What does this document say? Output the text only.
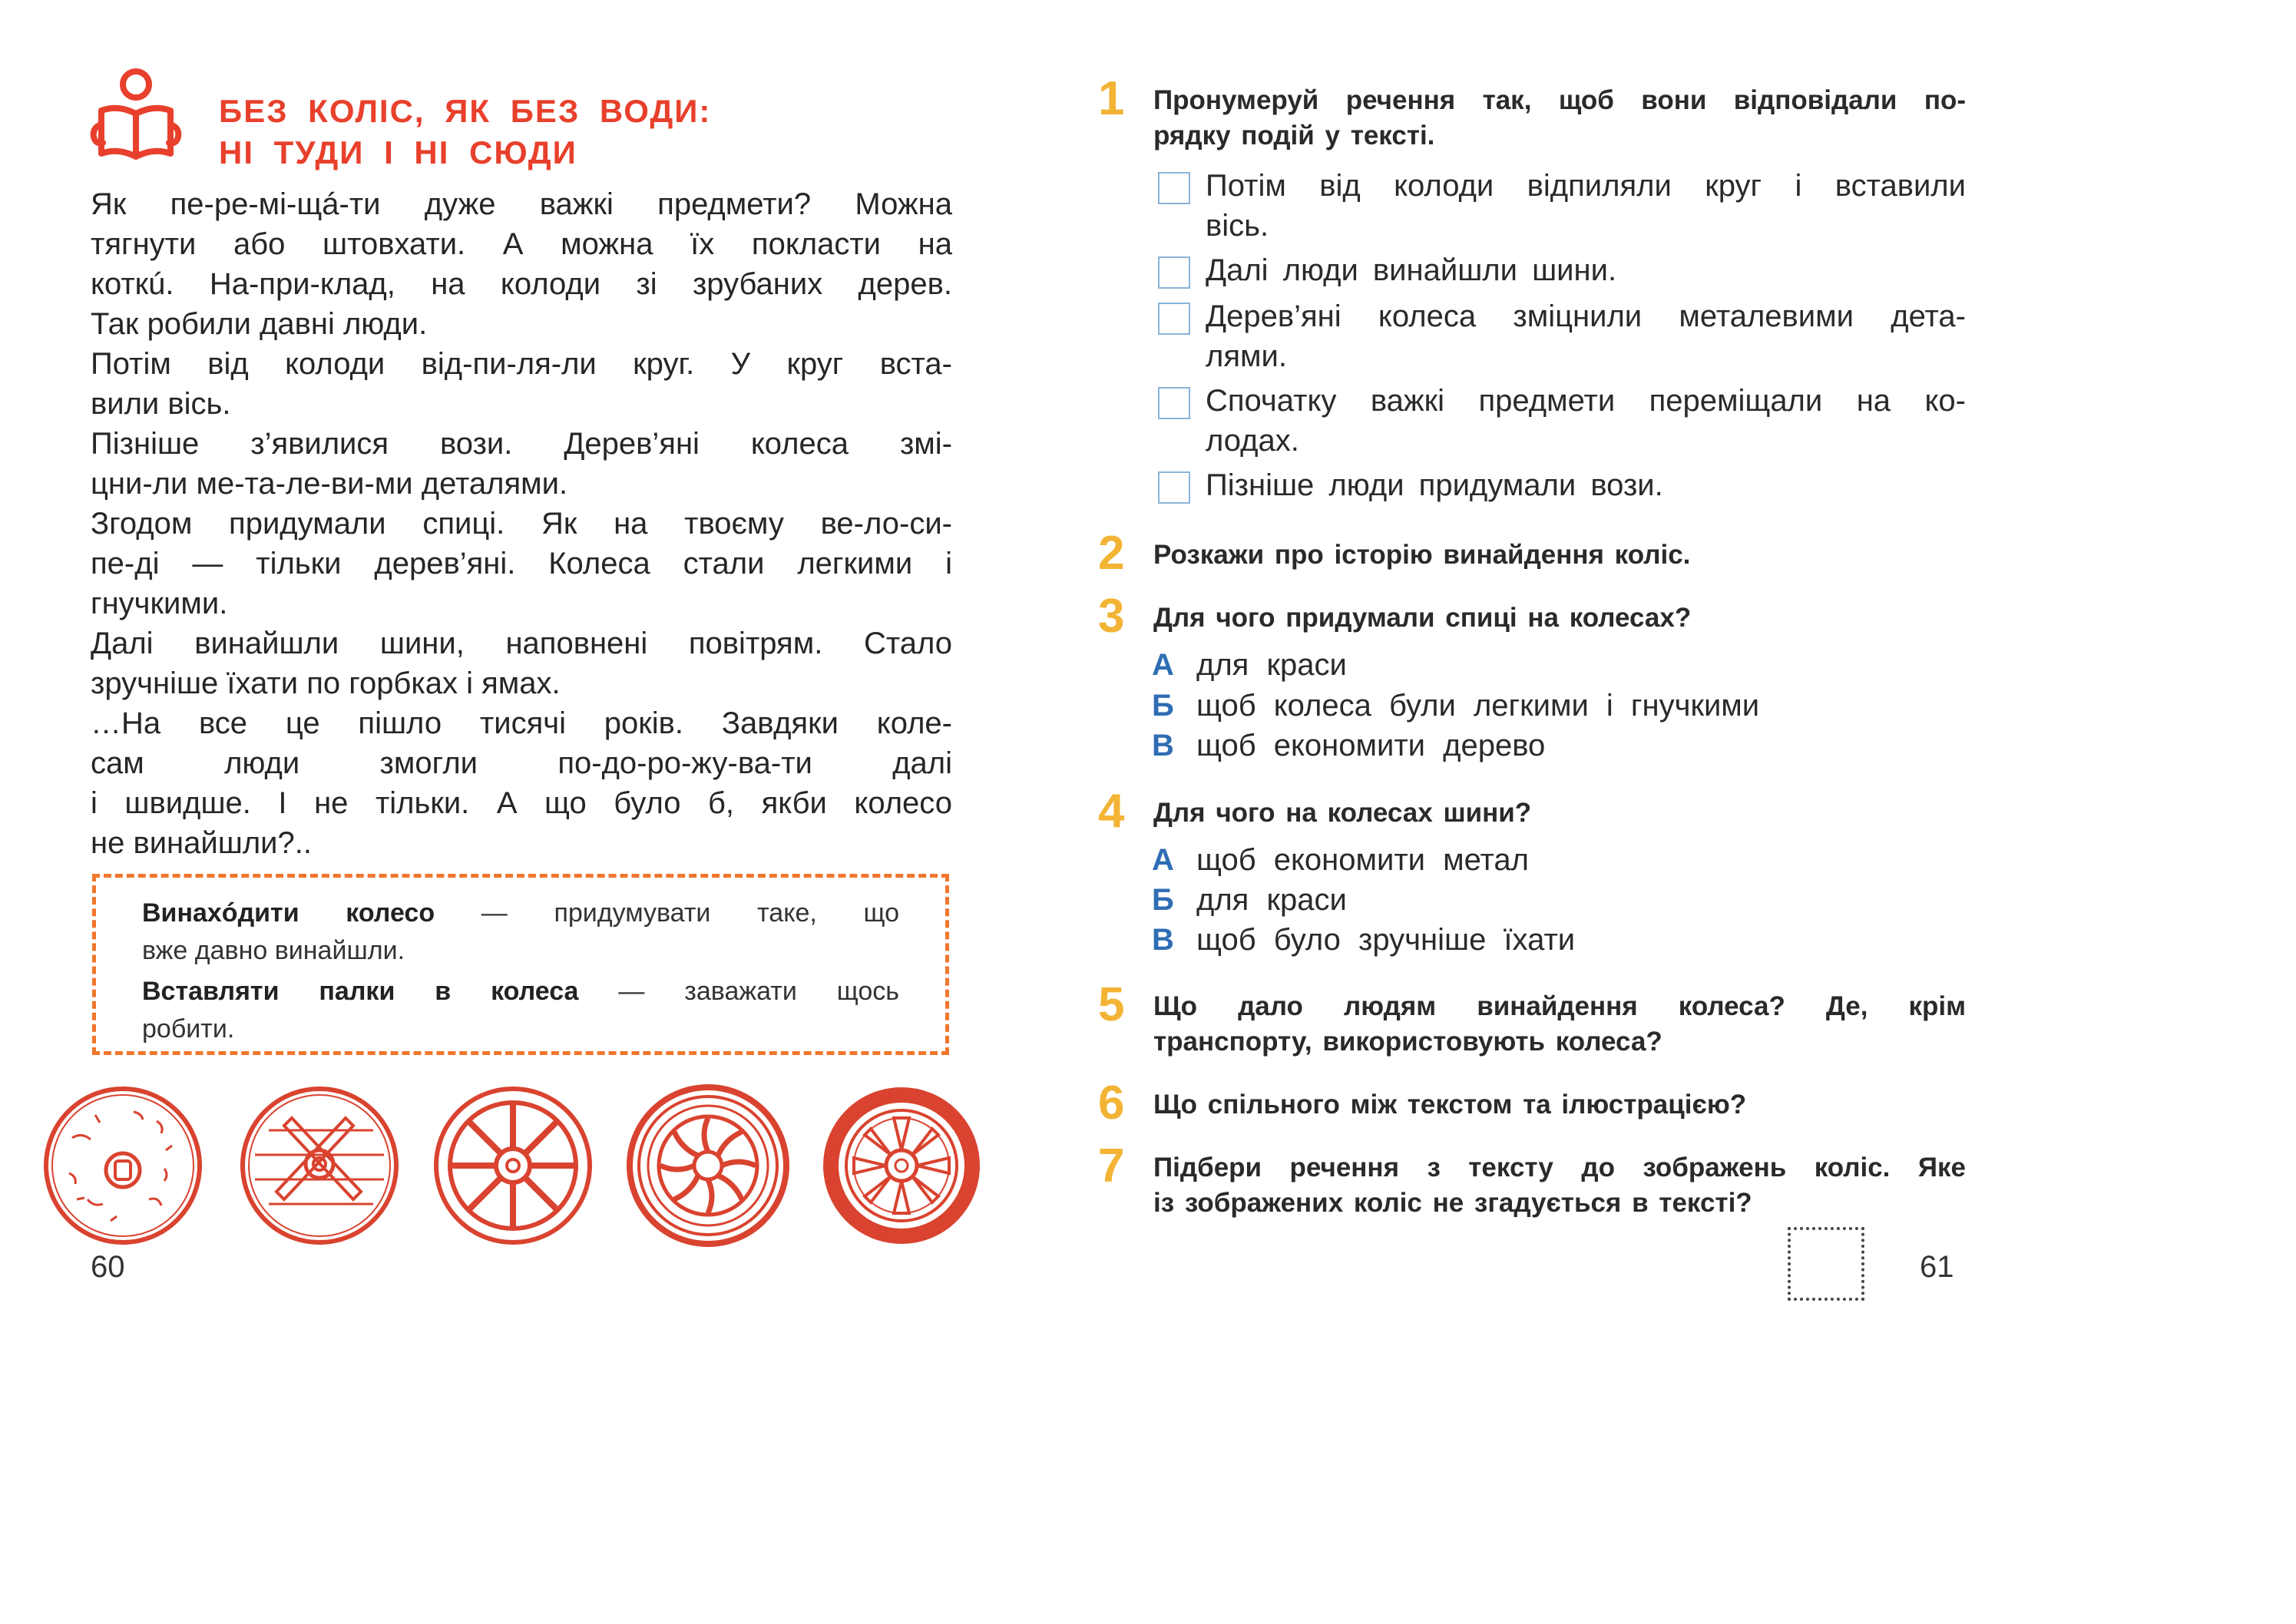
БЕЗ КОЛІС, ЯК БЕЗ ВОДИ:
НІ ТУДИ І НІ СЮДИ

Як пе-ре-мі-щá-ти дуже важкі предмети? Можна

тягнути або штовхати. А можна їх покласти на

коткú. На-при-клад, на колоди зі зрубаних дерев.

Так робили давні люди.

Потім від колоди від-пи-ля-ли круг. У круг вста-

вили вісь.

Пізніше з’явилися вози. Дерев’яні колеса змі-

цни-ли ме-та-ле-ви-ми деталями.

Згодом придумали спиці. Як на твоєму ве-ло-си-

пе-ді — тільки дерев’яні. Колеса стали легкими і

гнучкими.

Далі винайшли шини, наповнені повітрям. Стало

зручніше їхати по горбках і ямах.

…На все це пішло тисячі років. Завдяки коле-

сам люди змогли по-до-ро-жу-ва-ти далі

і швидше. І не тільки. А що було б, якби колесо

не винайшли?..

Винахóдити колесо — придумувати таке, що

вже давно винайшли.

Вставляти палки в колеса — заважати щось

робити.

60
1	Пронумеруй речення так, щоб вони відповідали по-
рядку подій у тексті.
Потім від колоди відпиляли круг і вставили
вісь.
Далі люди винайшли шини.
Дерев’яні колеса зміцнили металевими дета-
лями.
Спочатку важкі предмети переміщали на ко-
лодах.
Пізніше люди придумали вози.
2	Розкажи про історію винайдення коліс.
3	Для чого придумали спиці на колесах?
А для краси
Б щоб колеса були легкими і гнучкими
В щоб економити дерево
4	Для чого на колесах шини?
А щоб економити метал
Б для краси
В щоб було зручніше їхати
5	Що дало людям винайдення колеса? Де, крім
транспорту, використовують колеса?
6	Що спільного між текстом та ілюстрацією?
7	Підбери речення з тексту до зображень коліс. Яке
із зображених коліс не згадується в тексті?
61
